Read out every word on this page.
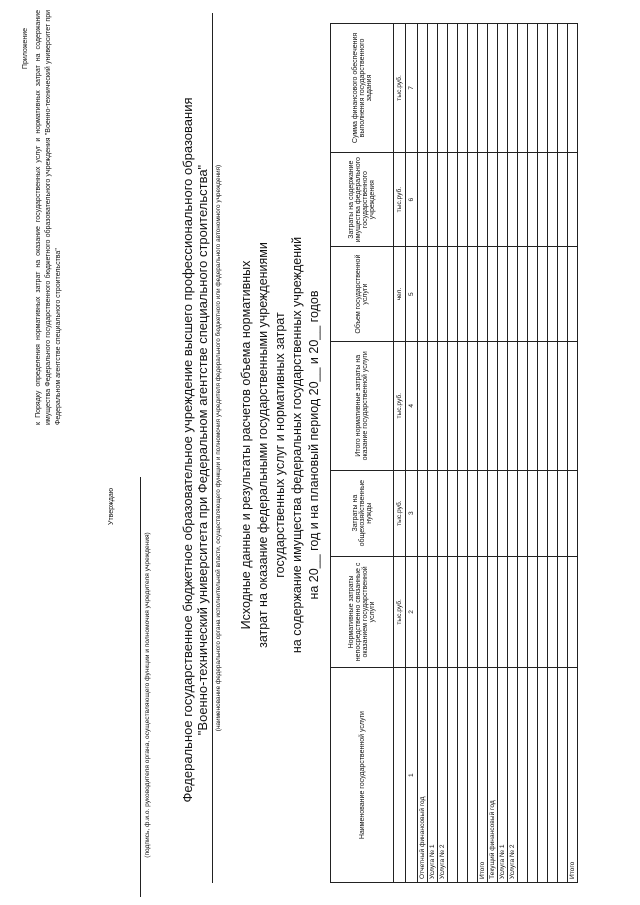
Приложение к Порядку определения нормативных затрат на оказание государственных услуг и нормативных затрат на содержание имущества Федерального государственного бюджетного образовательного учреждения "Военно-технический университет при Федеральном агентстве специального строительства"
Утверждаю
(подпись, ф.и.о. руководителя органа, осуществляющего функции и полномочия учредителя учреждения) Федеральное государственное бюджетное образовательное учреждение высшего профессионального образования "Военно-технический университета при Федеральном агентстве специального строительства" (наименование федерального органа исполнительной власти, осуществляющего функции и полномочия учредителя федерального бюджетного или федерального автономного учреждения) Исходные данные и результаты расчетов объема нормативных затрат на оказание федеральными государственными учреждениями государственных услуг и нормативных затрат на содержание имущества федеральных государственных учреждений на 20__ год и на плановый период 20__ и 20__ годов
Наименование государственной услуги	Нормативные затраты непосредственно связанные с оказанием государственной услуги	Затраты на общехозяйственные нужды	Итого нормативные затраты на оказание государственной услуги	Объем государственной услуги	Затраты на содержание имущества федерального государственного учреждения	Сумма финансового обеспечения выполнения государственного задания
	тыс.руб.	тыс.руб.	тыс.руб.	чел.	тыс.руб.	тыс.руб.
1	2	3	4	5	6	7
Отчетный финансовый год						
Услуга № 1						
Услуга № 2						

Итого						
Текущий финансовый год						
Услуга № 1						
Услуга № 2						

Итого						
